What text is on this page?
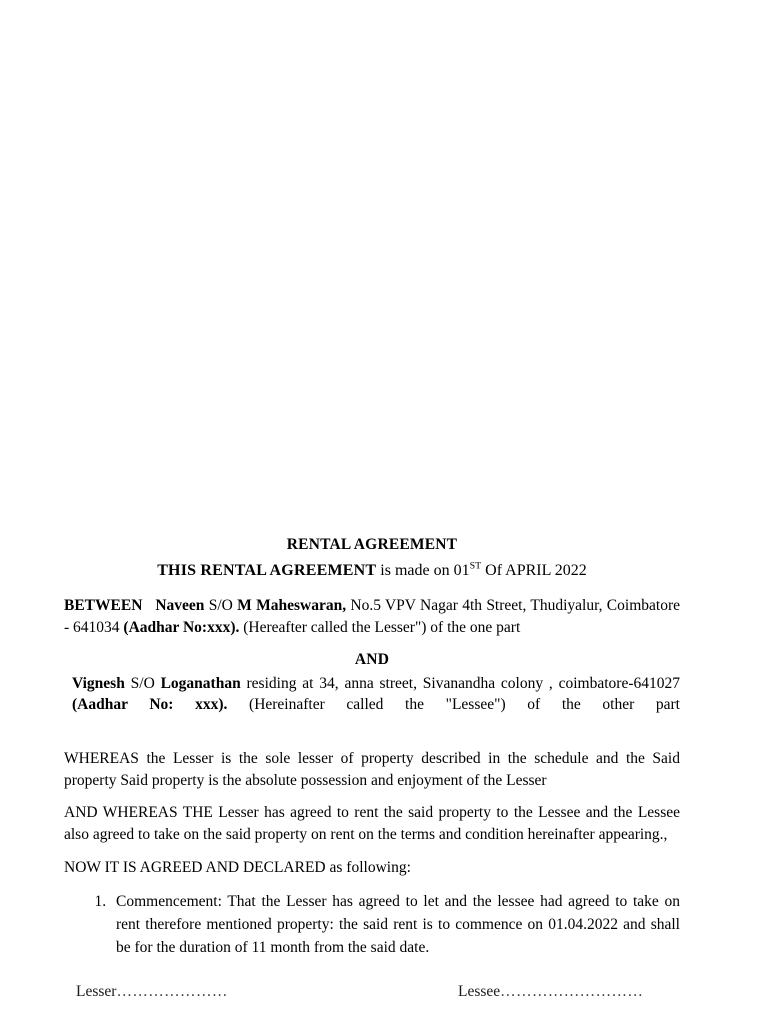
RENTAL AGREEMENT
THIS RENTAL AGREEMENT is made on 01ST Of APRIL 2022

BETWEEN Naveen S/O M Maheswaran, No.5 VPV Nagar 4th Street, Thudiyalur, Coimbatore - 641034 (Aadhar No:xxx). (Hereafter called the Lesser") of the one part

AND

Vignesh S/O Loganathan residing at 34, anna street, Sivanandha colony , coimbatore-641027 (Aadhar No: xxx). (Hereinafter called the "Lessee") of the other part

WHEREAS the Lesser is the sole lesser of property described in the schedule and the Said property Said property is the absolute possession and enjoyment of the Lesser

AND WHEREAS THE Lesser has agreed to rent the said property to the Lessee and the Lessee also agreed to take on the said property on rent on the terms and condition hereinafter appearing.,

NOW IT IS AGREED AND DECLARED as following:

1. Commencement: That the Lesser has agreed to let and the lessee had agreed to take on rent therefore mentioned property: the said rent is to commence on 01.04.2022 and shall be for the duration of 11 month from the said date.
Lesser…………………	Lessee………………………
